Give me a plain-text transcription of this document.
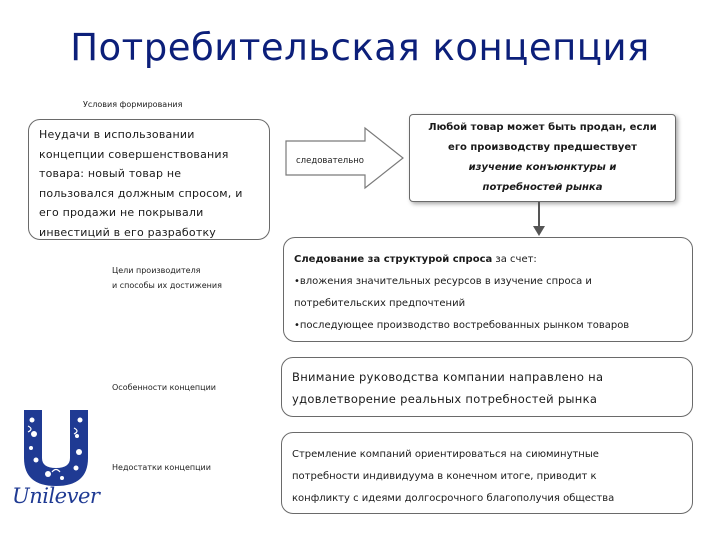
Потребительская концепция
Условия формирования
Неудачи в использовании
концепции совершенствования
товара: новый товар не
пользовался должным спросом, и
его продажи не покрывали
инвестиций в его разработку
следовательно
Любой товар может быть продан, если
его производству предшествует
изучение конъюнктуры и
потребностей рынка
Цели производителя
и способы их достижения
Следование за структурой спроса за счет:
•вложения значительных ресурсов в изучение спроса и
потребительских предпочтений
•последующее производство востребованных рынком товаров
Особенности концепции
Внимание руководства компании направлено на
удовлетворение реальных потребностей рынка
Недостатки концепции
Стремление компаний ориентироваться на сиюминутные
потребности индивидуума в конечном итоге, приводит к
конфликту с идеями долгосрочного благополучия общества
Unilever
